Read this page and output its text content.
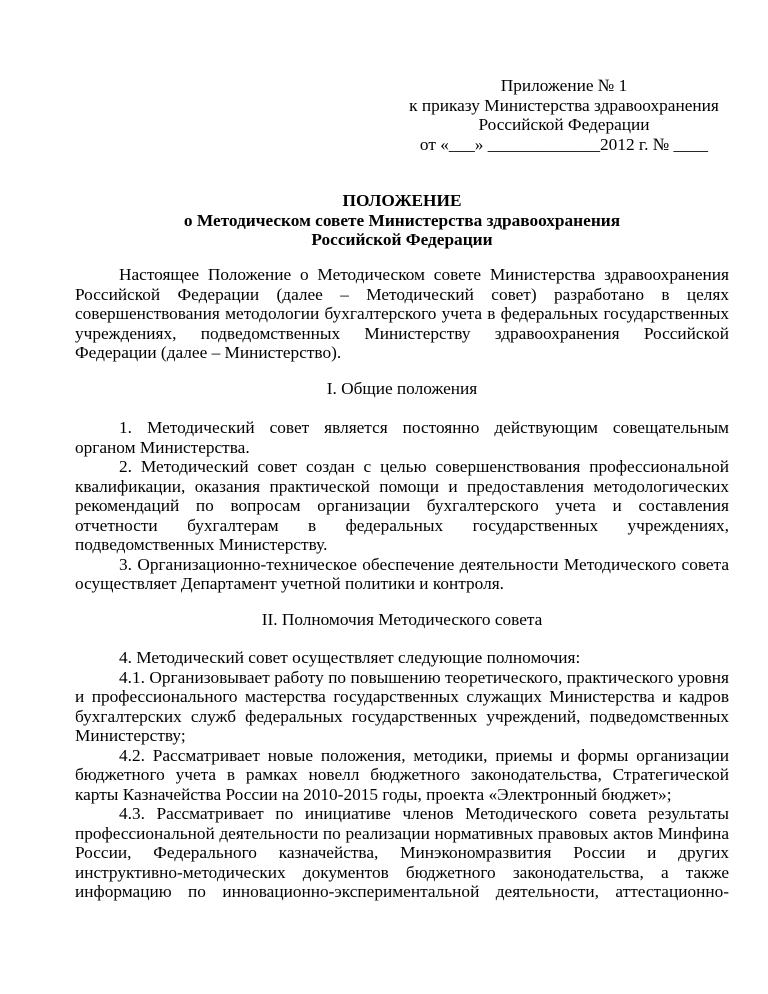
Приложение № 1
к приказу Министерства здравоохранения
Российской Федерации
от «___» _____________2012 г. № ____
ПОЛОЖЕНИЕ
о Методическом совете Министерства здравоохранения
Российской Федерации

Настоящее Положение о Методическом совете Министерства здравоохранения Российской Федерации (далее – Методический совет) разработано в целях совершенствования методологии бухгалтерского учета в федеральных государственных учреждениях, подведомственных Министерству здравоохранения Российской Федерации (далее – Министерство).

I. Общие положения

1. Методический совет является постоянно действующим совещательным органом Министерства.

2. Методический совет создан с целью совершенствования профессиональной квалификации, оказания практической помощи и предоставления методологических рекомендаций по вопросам организации бухгалтерского учета и составления отчетности бухгалтерам в федеральных государственных учреждениях, подведомственных Министерству.

3. Организационно-техническое обеспечение деятельности Методического совета осуществляет Департамент учетной политики и контроля.

II. Полномочия Методического совета

4. Методический совет осуществляет следующие полномочия:

4.1. Организовывает работу по повышению теоретического, практического уровня и профессионального мастерства государственных служащих Министерства и кадров бухгалтерских служб федеральных государственных учреждений, подведомственных Министерству;

4.2. Рассматривает новые положения, методики, приемы и формы организации бюджетного учета в рамках новелл бюджетного законодательства, Стратегической карты Казначейства России на 2010-2015 годы, проекта «Электронный бюджет»;

4.3. Рассматривает по инициативе членов Методического совета результаты профессиональной деятельности по реализации нормативных правовых актов Минфина России, Федерального казначейства, Минэкономразвития России и других инструктивно-методических документов бюджетного законодательства, а также информацию по инновационно-экспериментальной деятельности, аттестационно-
